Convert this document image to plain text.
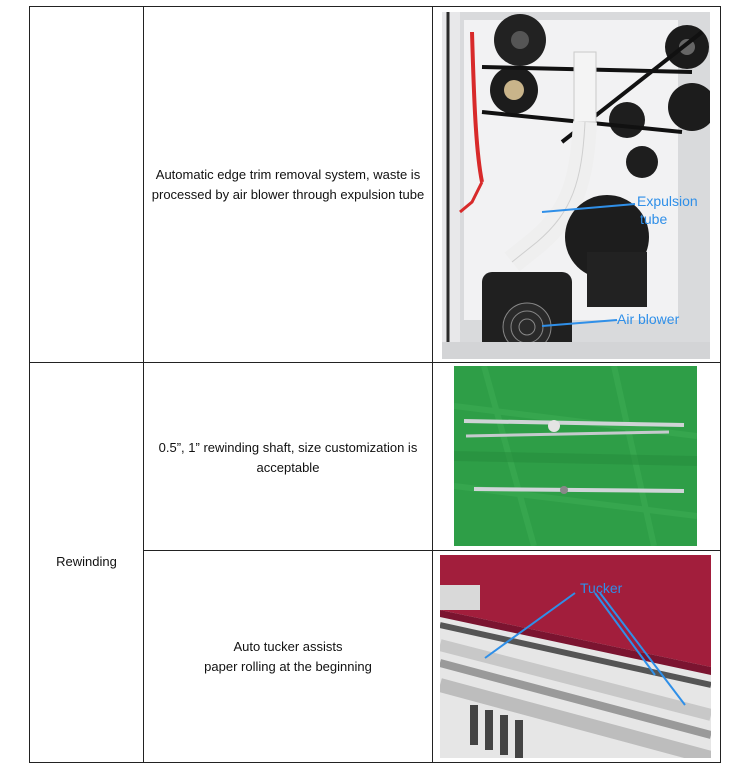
Automatic edge trim removal system, waste is
processed by air blower through expulsion tube	Expulsion
tube
Air blower
Rewinding
0.5”, 1” rewinding shaft, size customization is
acceptable
Auto tucker assists
paper rolling at the beginning
Tucker
